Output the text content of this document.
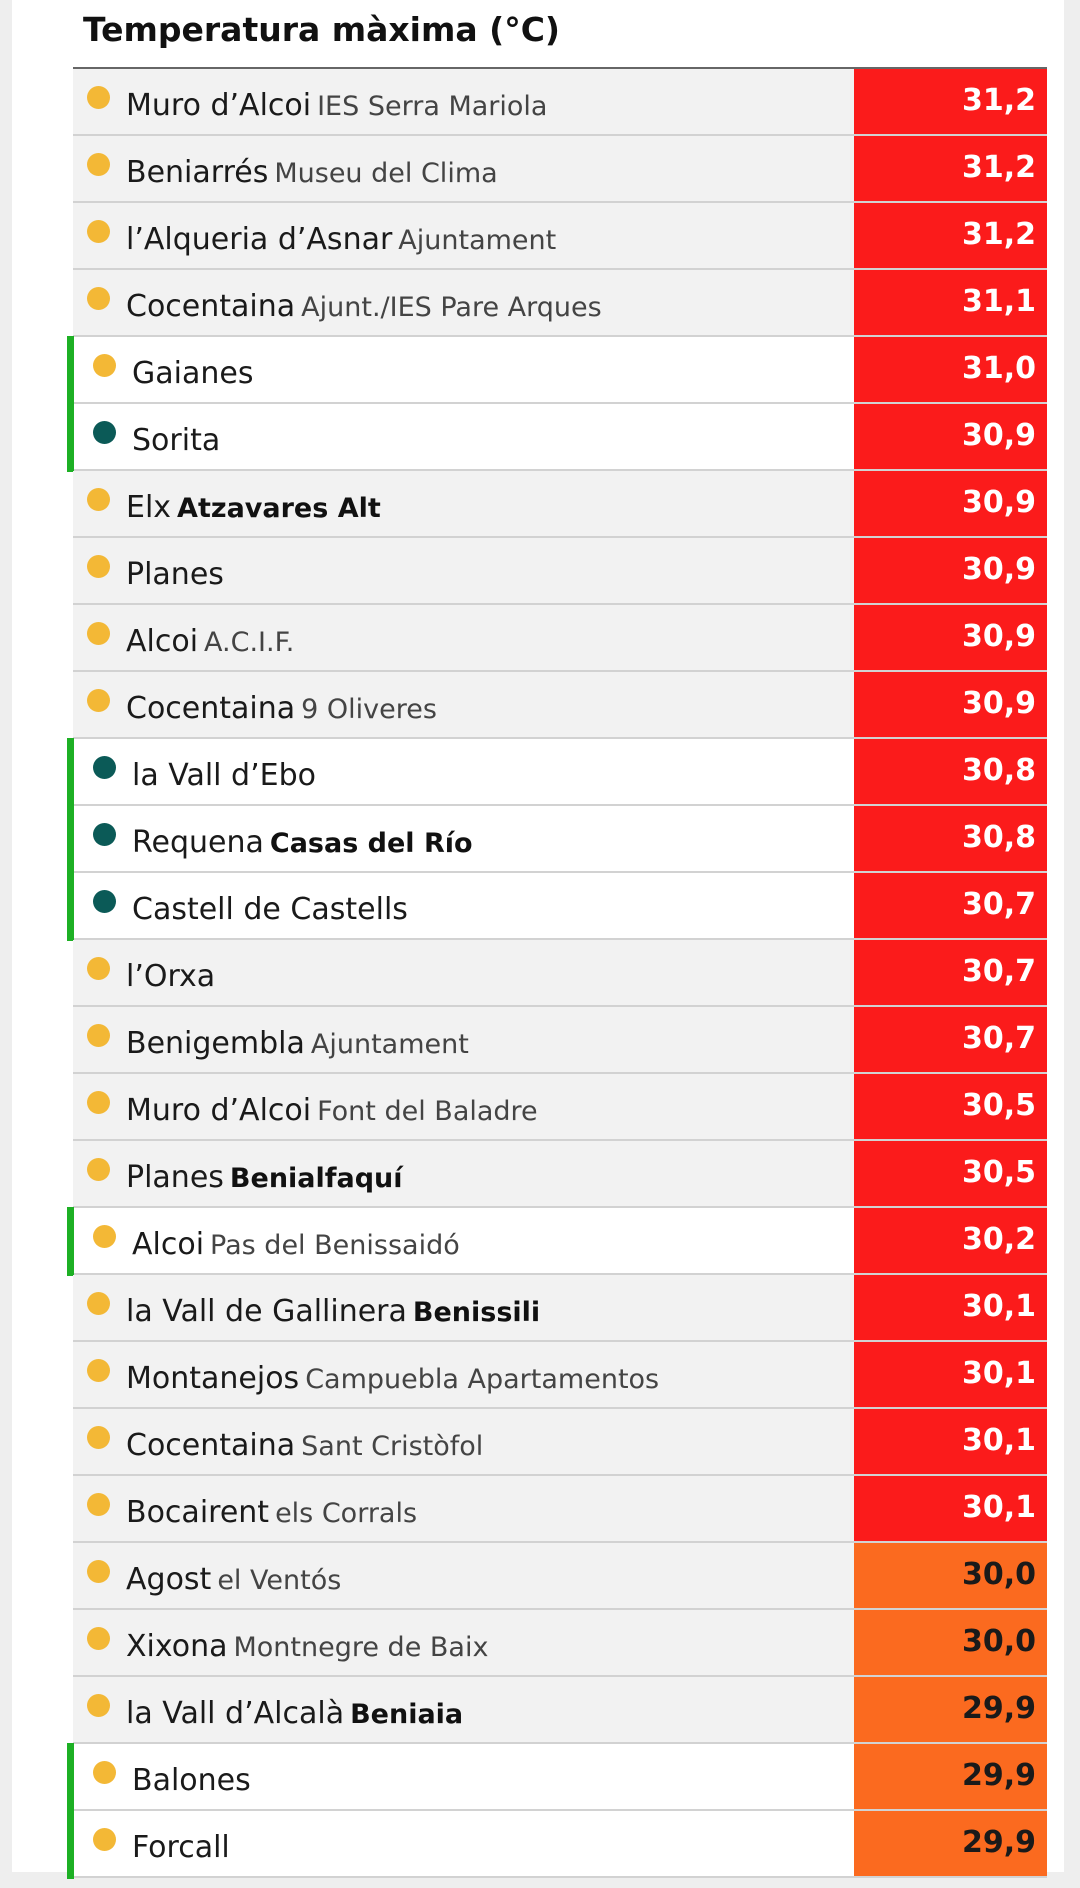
Temperatura màxima (°C)
Muro d’Alcoi IES Serra Mariola	31,2
Beniarrés Museu del Clima	31,2
l’Alqueria d’Asnar Ajuntament	31,2
Cocentaina Ajunt./IES Pare Arques	31,1
Gaianes	31,0
Sorita	30,9
Elx Atzavares Alt	30,9
Planes	30,9
Alcoi A.C.I.F.	30,9
Cocentaina 9 Oliveres	30,9
la Vall d’Ebo	30,8
Requena Casas del Río	30,8
Castell de Castells	30,7
l’Orxa	30,7
Benigembla Ajuntament	30,7
Muro d’Alcoi Font del Baladre	30,5
Planes Benialfaquí	30,5
Alcoi Pas del Benissaidó	30,2
la Vall de Gallinera Benissili	30,1
Montanejos Campuebla Apartamentos	30,1
Cocentaina Sant Cristòfol	30,1
Bocairent els Corrals	30,1
Agost el Ventós	30,0
Xixona Montnegre de Baix	30,0
la Vall d’Alcalà Beniaia	29,9
Balones	29,9
Forcall	29,9
